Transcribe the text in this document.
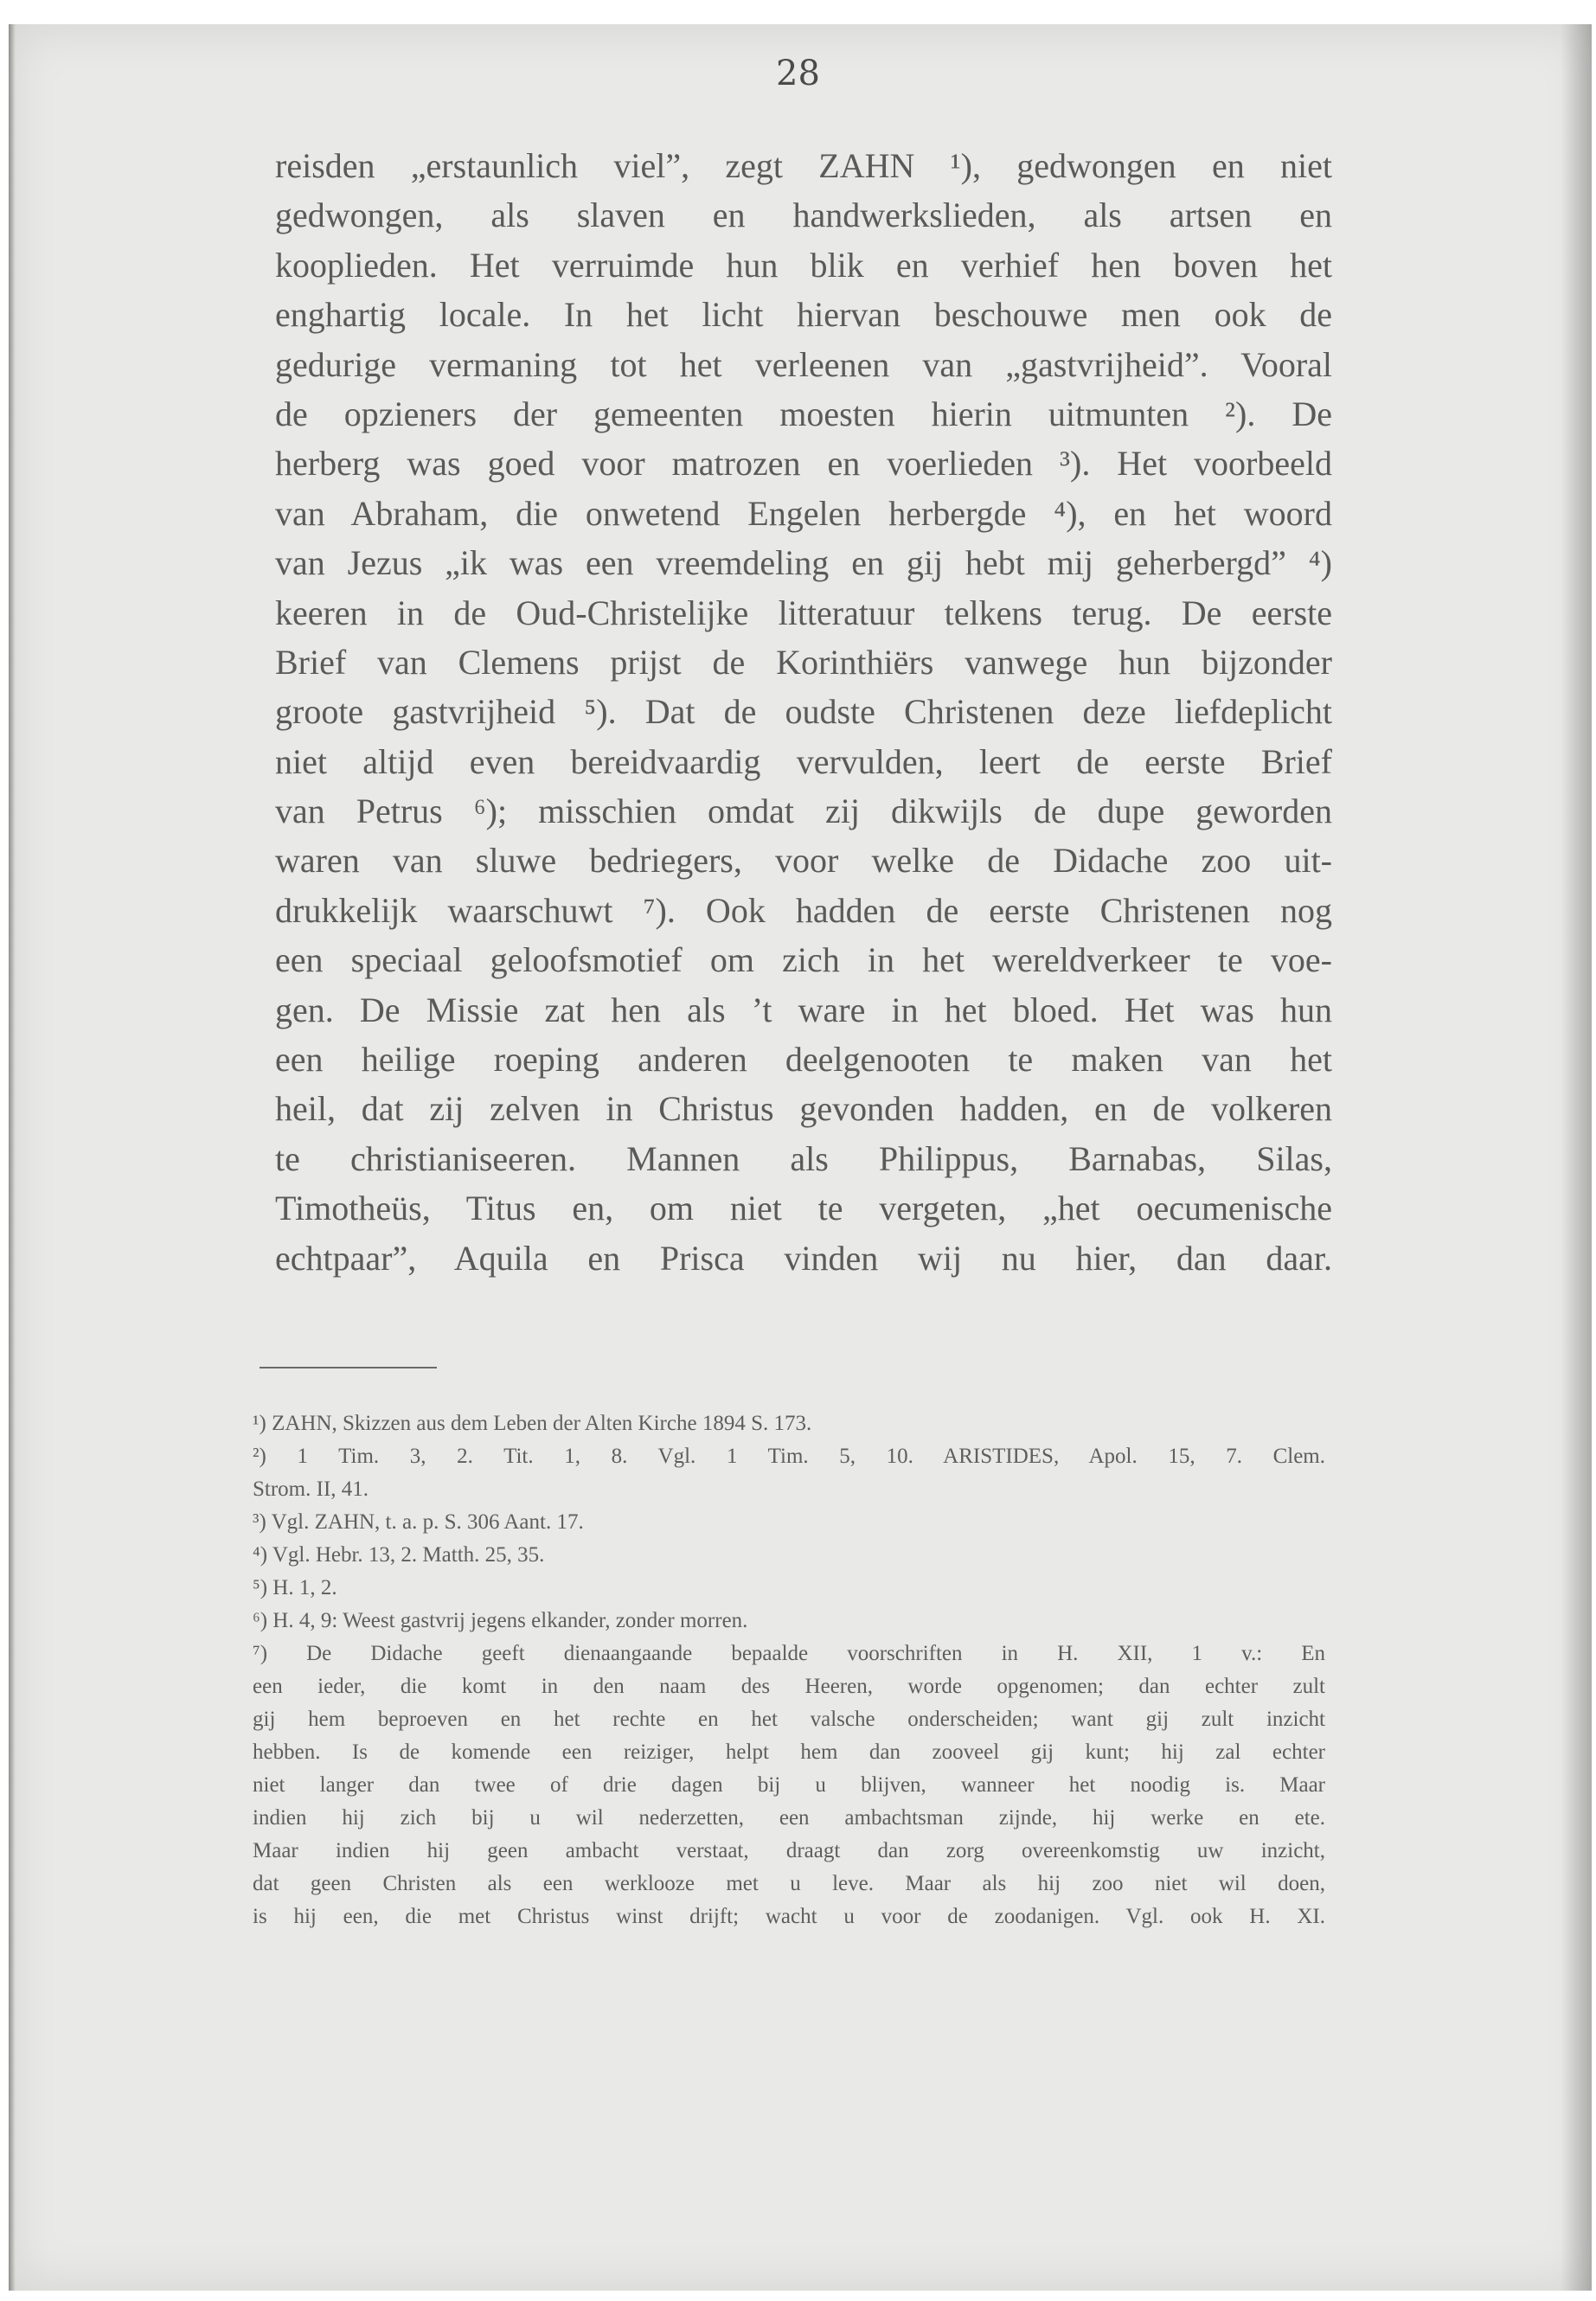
28
reisden „erstaunlich viel”, zegt ZAHN ¹), gedwongen en niet
gedwongen, als slaven en handwerkslieden, als artsen en
kooplieden. Het verruimde hun blik en verhief hen boven het
enghartig locale. In het licht hiervan beschouwe men ook de
gedurige vermaning tot het verleenen van „gastvrijheid”. Vooral
de opzieners der gemeenten moesten hierin uitmunten ²). De
herberg was goed voor matrozen en voerlieden ³). Het voorbeeld
van Abraham, die onwetend Engelen herbergde ⁴), en het woord
van Jezus „ik was een vreemdeling en gij hebt mij geherbergd” ⁴)
keeren in de Oud-Christelijke litteratuur telkens terug. De eerste
Brief van Clemens prijst de Korinthiërs vanwege hun bijzonder
groote gastvrijheid ⁵). Dat de oudste Christenen deze liefdeplicht
niet altijd even bereidvaardig vervulden, leert de eerste Brief
van Petrus ⁶); misschien omdat zij dikwijls de dupe geworden
waren van sluwe bedriegers, voor welke de Didache zoo uit-
drukkelijk waarschuwt ⁷). Ook hadden de eerste Christenen nog
een speciaal geloofsmotief om zich in het wereldverkeer te voe-
gen. De Missie zat hen als ’t ware in het bloed. Het was hun
een heilige roeping anderen deelgenooten te maken van het
heil, dat zij zelven in Christus gevonden hadden, en de volkeren
te christianiseeren. Mannen als Philippus, Barnabas, Silas,
Timotheüs, Titus en, om niet te vergeten, „het oecumenische
echtpaar”, Aquila en Prisca vinden wij nu hier, dan daar.
¹) ZAHN, Skizzen aus dem Leben der Alten Kirche 1894 S. 173.
²) 1 Tim. 3, 2. Tit. 1, 8. Vgl. 1 Tim. 5, 10. ARISTIDES, Apol. 15, 7. Clem.
Strom. II, 41.
³) Vgl. ZAHN, t. a. p. S. 306 Aant. 17.
⁴) Vgl. Hebr. 13, 2. Matth. 25, 35.
⁵) H. 1, 2.
⁶) H. 4, 9: Weest gastvrij jegens elkander, zonder morren.
⁷) De Didache geeft dienaangaande bepaalde voorschriften in H. XII, 1 v.: En
een ieder, die komt in den naam des Heeren, worde opgenomen; dan echter zult
gij hem beproeven en het rechte en het valsche onderscheiden; want gij zult inzicht
hebben. Is de komende een reiziger, helpt hem dan zooveel gij kunt; hij zal echter
niet langer dan twee of drie dagen bij u blijven, wanneer het noodig is. Maar
indien hij zich bij u wil nederzetten, een ambachtsman zijnde, hij werke en ete.
Maar indien hij geen ambacht verstaat, draagt dan zorg overeenkomstig uw inzicht,
dat geen Christen als een werklooze met u leve. Maar als hij zoo niet wil doen,
is hij een, die met Christus winst drijft; wacht u voor de zoodanigen. Vgl. ook H. XI.
